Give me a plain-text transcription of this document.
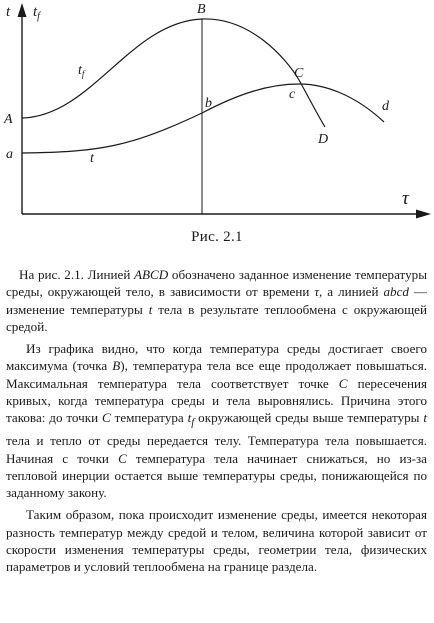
t $t_f$
τ
A
B
C
D
a
b
c
d
$t_f$
t
Рис. 2.1

На рис. 2.1. Линией ABCD обозначено заданное изменение температуры среды, окружающей тело, в зависимости от времени τ, а линией abcd — изменение температуры t тела в результате теплообмена с окружающей средой.

Из графика видно, что когда температура среды достигает своего максимума (точка B), температура тела все еще продолжает повышаться. Максимальная температура тела соответствует точке C пересечения кривых, когда температура среды и тела выровнялись. Причина этого такова: до точки C температура $t_f$ окружающей среды выше температуры t тела и тепло от среды передается телу. Температура тела повышается. Начиная с точки C температура тела начинает снижаться, но из-за тепловой инерции остается выше температуры среды, понижающейся по заданному закону.

Таким образом, пока происходит изменение среды, имеется некоторая разность температур между средой и телом, величина которой зависит от скорости изменения температуры среды, геометрии тела, физических параметров и условий теплообмена на границе раздела.
